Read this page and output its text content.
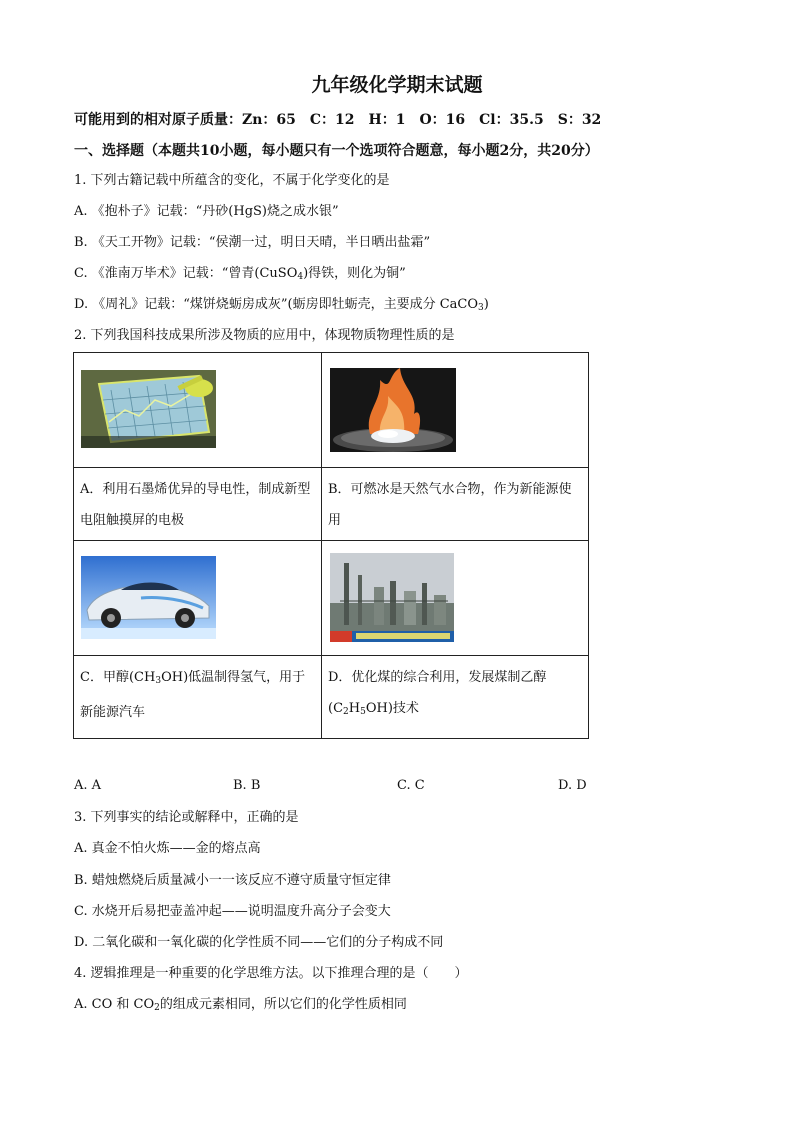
九年级化学期末试题
可能用到的相对原子质量：Zn：65　C：12　H：1　O：16　Cl：35.5　S：32
一、选择题（本题共10小题，每小题只有一个选项符合题意，每小题2分，共20分）
1. 下列古籍记载中所蕴含的变化，不属于化学变化的是
A. 《抱朴子》记载：“丹砂(HgS)烧之成水银”
B. 《天工开物》记载：“侯潮一过，明日天晴，半日晒出盐霜”
C. 《淮南万毕术》记载：“曾青(CuSO$_4$)得铁，则化为铜”
D. 《周礼》记载：“煤饼烧蛎房成灰”(蛎房即牡蛎壳，主要成分 CaCO$_3$)
2. 下列我国科技成果所涉及物质的应用中，体现物质物理性质的是

A．利用石墨烯优异的导电性，制成新型电阻触摸屏的电极	B．可燃冰是天然气水合物，作为新能源使用

C．甲醇$(CH_3OH)$低温制得氢气，用于新能源汽车	D．优化煤的综合利用，发展煤制乙醇$(C_2H_5OH)$技术
A. A	B. B	C. C	D. D
3. 下列事实的结论或解释中，正确的是
A. 真金不怕火炼——金的熔点高
B. 蜡烛燃烧后质量减小一一该反应不遵守质量守恒定律
C. 水烧开后易把壶盖冲起——说明温度升高分子会变大
D. 二氧化碳和一氧化碳的化学性质不同——它们的分子构成不同
4. 逻辑推理是一种重要的化学思维方法。以下推理合理的是（　　）
A. CO 和 $CO_2$的组成元素相同，所以它们的化学性质相同
